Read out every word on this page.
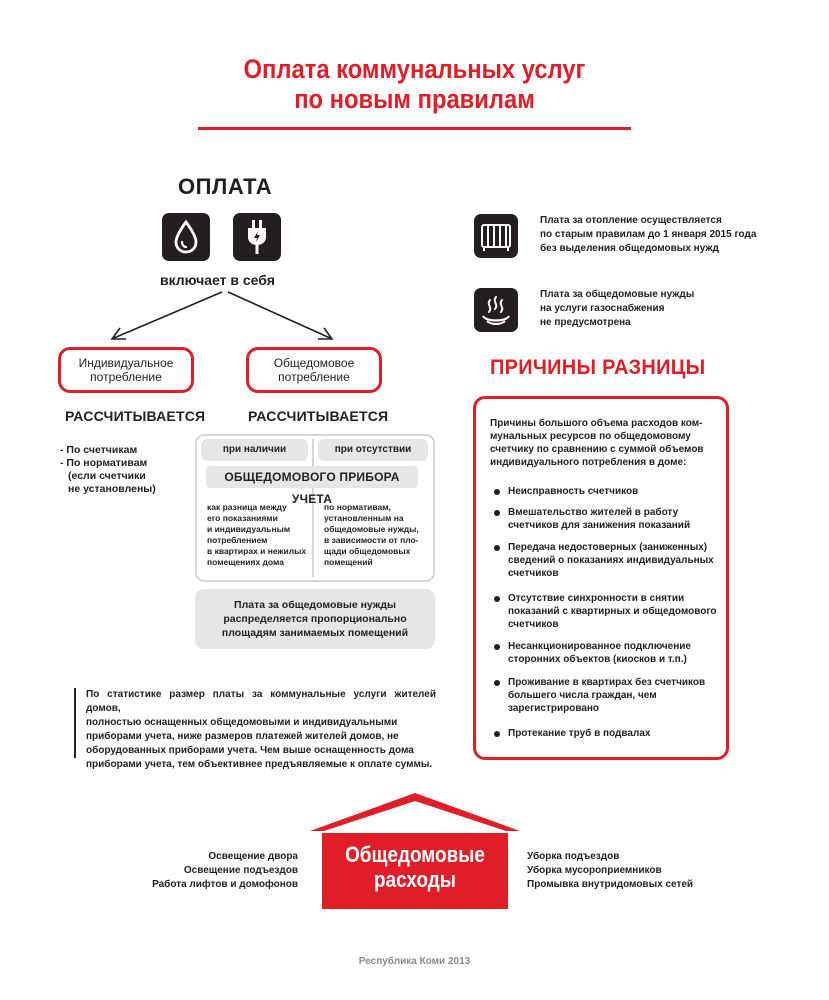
Оплата коммунальных услуг
по новым правилам
ОПЛАТА
включает в себя
Индивидуальное
потребление
Общедомовое
потребление
РАССЧИТЫВАЕТСЯ	РАССЧИТЫВАЕТСЯ
- По счетчикам
- По нормативам
(если счетчики
не установлены)
при наличии	при отсутствии
ОБЩЕДОМОВОГО ПРИБОРА УЧЕТА
как разница между
его показаниями
и индивидуальным
потреблением
в квартирах и нежилых
помещениях дома
по нормативам,
установленным на
общедомовые нужды,
в зависимости от пло-
щади общедомовых
помещений
Плата за общедомовые нужды
распределяется пропорционально
площадям занимаемых помещений
Плата за отопление осуществляется
по старым правилам до 1 января 2015 года
без выделения общедомовых нужд
Плата за общедомовые нужды
на услуги газоснабжения
не предусмотрена
ПРИЧИНЫ РАЗНИЦЫ
Причины большого объема расходов ком-
мунальных ресурсов по общедомовому
счетчику по сравнению с суммой объемов
индивидуального потребления в доме:
Неисправность счетчиков
Вмешательство жителей в работу
счетчиков для занижения показаний
Передача недостоверных (заниженных)
сведений о показаниях индивидуальных
счетчиков
Отсутствие синхронности в снятии
показаний с квартирных и общедомового
счетчиков
Несанкционированное подключение
сторонних объектов (киосков и т.п.)
Проживание в квартирах без счетчиков
большего числа граждан, чем
зарегистрировано
Протекание труб в подвалах
По статистике размер платы за коммунальные услуги жителей домов,
полностью оснащенных общедомовыми и индивидуальными
приборами учета, ниже размеров платежей жителей домов, не
оборудованных приборами учета. Чем выше оснащенность дома
приборами учета, тем объективнее предъявляемые к оплате суммы.
Общедомовые
расходы
Освещение двора
Освещение подъездов
Работа лифтов и домофонов
Уборка подъездов
Уборка мусороприемников
Промывка внутридомовых сетей
Республика Коми 2013
